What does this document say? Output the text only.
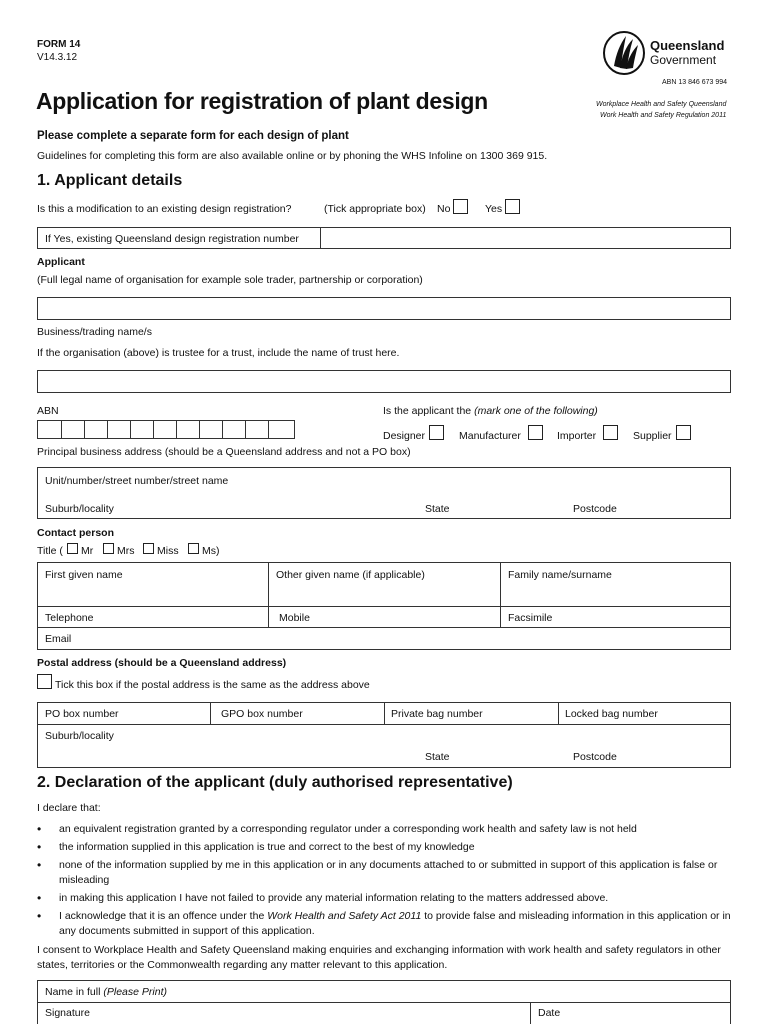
FORM 14
V14.3.12
Application for registration of plant design
Please complete a separate form for each design of plant
Guidelines for completing this form are also available online or by phoning the WHS Infoline on 1300 369 915.
Queensland
Government
ABN 13 846 673 994
Workplace Health and Safety Queensland
Work Health and Safety Regulation 2011
1. Applicant details
Is this a modification to an existing design registration?	(Tick appropriate box) No	Yes
If Yes, existing Queensland design registration number
Applicant
(Full legal name of organisation for example sole trader, partnership or corporation)
Business/trading name/s
If the organisation (above) is trustee for a trust, include the name of trust here.
ABN	Is the applicant the (mark one of the following)
Designer	Manufacturer	Importer	Supplier
Principal business address (should be a Queensland address and not a PO box)
Unit/number/street number/street name
Suburb/locality	State	Postcode
Contact person
Title ( Mr Mrs Miss Ms)
First given name	Other given name (if applicable)	Family name/surname
Telephone	Mobile	Facsimile
Email
Postal address (should be a Queensland address)
Tick this box if the postal address is the same as the address above
PO box number	GPO box number	Private bag number	Locked bag number
Suburb/locality
State	Postcode
2. Declaration of the applicant (duly authorised representative)
I declare that:
• an equivalent registration granted by a corresponding regulator under a corresponding work health and safety law is not held
• the information supplied in this application is true and correct to the best of my knowledge
• none of the information supplied by me in this application or in any documents attached to or submitted in support of this application is false or misleading
• in making this application I have not failed to provide any material information relating to the matters addressed above.
• I acknowledge that it is an offence under the Work Health and Safety Act 2011 to provide false and misleading information in this application or in any documents submitted in support of this application.
I consent to Workplace Health and Safety Queensland making enquiries and exchanging information with work health and safety regulators in other states, territories or the Commonwealth regarding any matter relevant to this application.
Name in full (Please Print)
Signature	Date
